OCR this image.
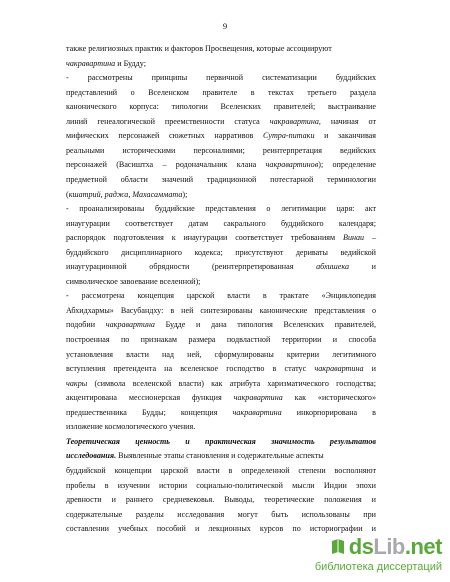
9
также религиозных практик и факторов Просвещения, которые ассоциируют
чакравартина и Будду;
- рассмотрены принципы первичной систематизации буддийских
представлений о Вселенском правителе в текстах третьего раздела
канонического корпуса: типологии Вселенских правителей; выстраивание
линий генеалогической преемственности статуса чакравартина, начиная от
мифических персонажей сюжетных нарративов Сутра-питаки и заканчивая
реальными историческими персоналиями; реинтерпретация ведийских
персонажей (Васиштха – родоначальник клана чакравартинов); определение
предметной области значений традиционной потестарной терминологии
(кшатрий, раджа, Махасаммата);
- проанализированы буддийские представления о легитимации царя: акт
инаугурации соответствует датам сакрального буддийского календаря;
распорядок подготовления к инаугурации соответствует требованиям Винаи –
буддийского дисциплинарного кодекса; присутствуют дериваты ведийской
инаугурационной обрядности (реинтерпретированная абхишека и
символическое завоевание вселенной);
- рассмотрена концепция царской власти в трактате «Энциклопедия
Абхидхармы» Васубандху: в ней синтезированы канонические представления о
подобии чакравартина Будде и дана типология Вселенских правителей,
построенная по признакам размера подвластной территории и способа
установления власти над ней, сформулированы критерии легитимного
вступления претендента на вселенское господство в статус чакравартина и
чакры (символа вселенской власти) как атрибута харизматического господства;
акцентирована мессионерская функция чакравартина как «исторического»
предшественника Будды; концепция чакравартина инкорпорирована в
изложение космологического учения.
Теоретическая ценность и практическая значимость результатов
исследования. Выявленные этапы становления и содержательные аспекты
буддийской концепции царской власти в определенной степени восполняют
пробелы в изучении истории социально-политической мысли Индии эпохи
древности и раннего средневековья. Выводы, теоретические положения и
содержательные разделы исследования могут быть использованы при
составлении учебных пособий и лекционных курсов по историографии и
dsLib.net
библиотека диссертаций
